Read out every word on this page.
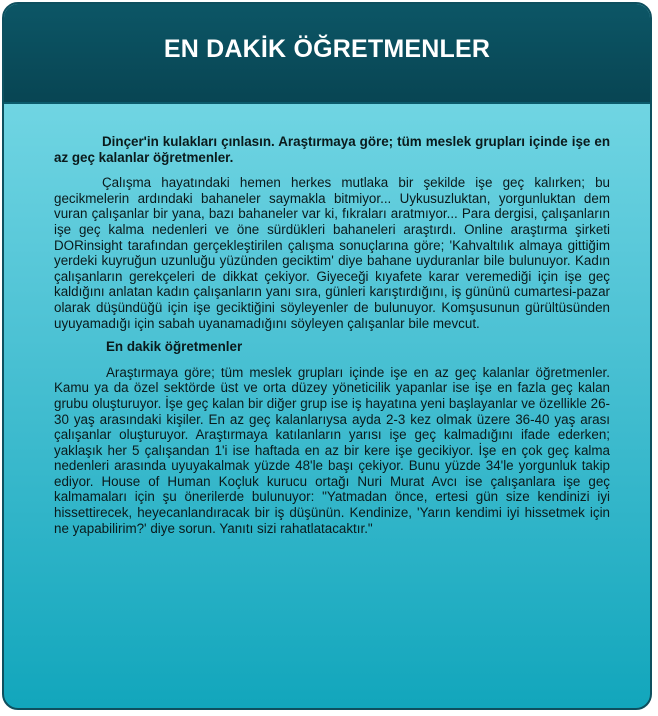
EN DAKİK ÖĞRETMENLER

Dinçer'in kulakları çınlasın. Araştırmaya göre; tüm meslek grupları içinde işe en az geç kalanlar öğretmenler.

Çalışma hayatındaki hemen herkes mutlaka bir şekilde işe geç kalırken; bu gecikmelerin ardındaki bahaneler saymakla bitmiyor... Uykusuzluktan, yorgunluktan dem vuran çalışanlar bir yana, bazı bahaneler var ki, fıkraları aratmıyor... Para dergisi, çalışanların işe geç kalma nedenleri ve öne sürdükleri bahaneleri araştırdı. Online araştırma şirketi DORinsight tarafından gerçekleştirilen çalışma sonuçlarına göre; 'Kahvaltılık almaya gittiğim yerdeki kuyruğun uzunluğu yüzünden geciktim' diye bahane uyduranlar bile bulunuyor. Kadın çalışanların gerekçeleri de dikkat çekiyor. Giyeceği kıyafete karar veremediği için işe geç kaldığını anlatan kadın çalışanların yanı sıra, günleri karıştırdığını, iş gününü cumartesi-pazar olarak düşündüğü için işe geciktiğini söyleyenler de bulunuyor. Komşusunun gürültüsünden uyuyamadığı için sabah uyanamadığını söyleyen çalışanlar bile mevcut.

En dakik öğretmenler

Araştırmaya göre; tüm meslek grupları içinde işe en az geç kalanlar öğretmenler. Kamu ya da özel sektörde üst ve orta düzey yöneticilik yapanlar ise işe en fazla geç kalan grubu oluşturuyor. İşe geç kalan bir diğer grup ise iş hayatına yeni başlayanlar ve özellikle 26-30 yaş arasındaki kişiler. En az geç kalanlarıysa ayda 2-3 kez olmak üzere 36-40 yaş arası çalışanlar oluşturuyor. Araştırmaya katılanların yarısı işe geç kalmadığını ifade ederken; yaklaşık her 5 çalışandan 1'i ise haftada en az bir kere işe gecikiyor. İşe en çok geç kalma nedenleri arasında uyuyakalmak yüzde 48'le başı çekiyor. Bunu yüzde 34'le yorgunluk takip ediyor. House of Human Koçluk kurucu ortağı Nuri Murat Avcı ise çalışanlara işe geç kalmamaları için şu önerilerde bulunuyor: "Yatmadan önce, ertesi gün size kendinizi iyi hissettirecek, heyecanlandıracak bir iş düşünün. Kendinize, 'Yarın kendimi iyi hissetmek için ne yapabilirim?' diye sorun. Yanıtı sizi rahatlatacaktır."
